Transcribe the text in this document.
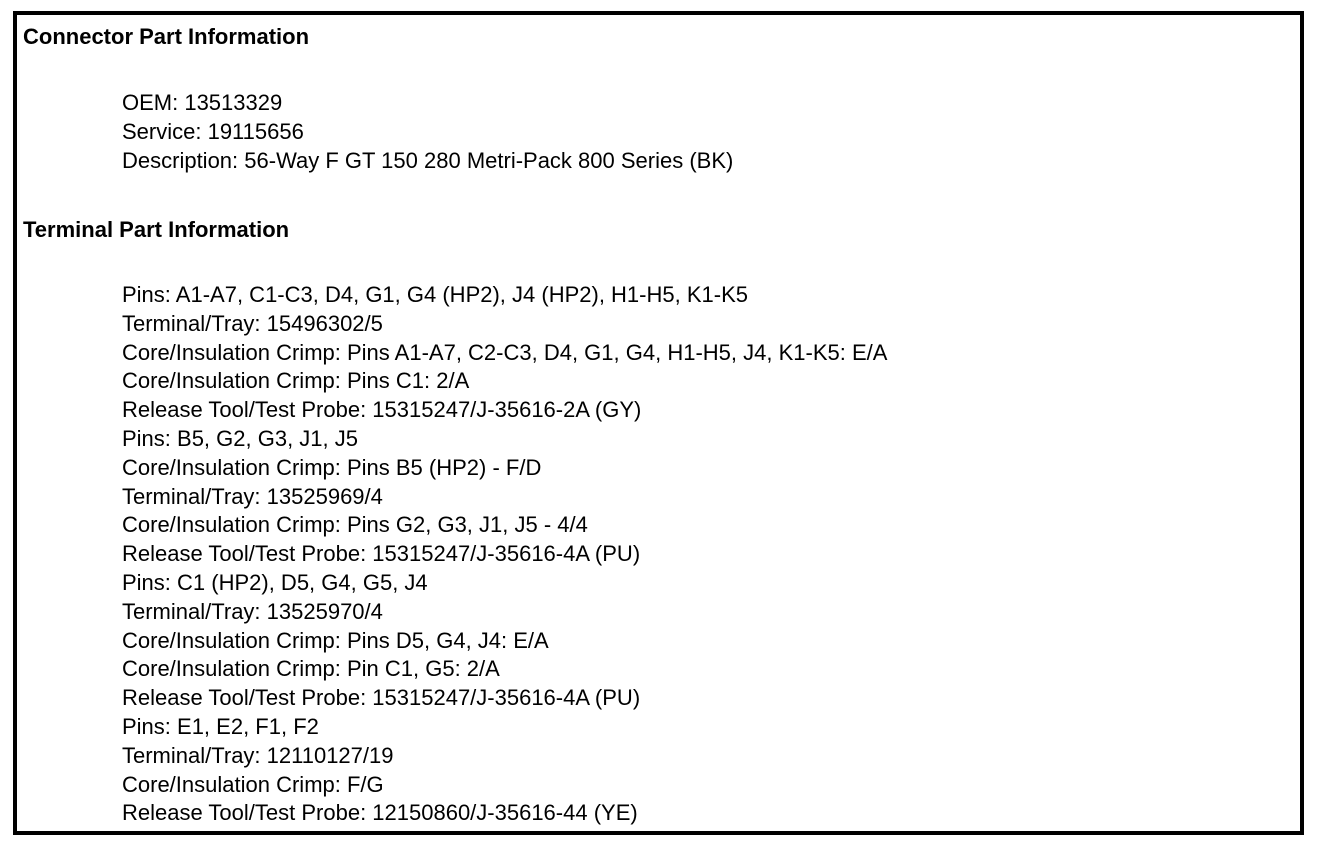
Connector Part Information
OEM: 13513329
Service: 19115656
Description: 56-Way F GT 150 280 Metri-Pack 800 Series (BK)
Terminal Part Information
Pins: A1-A7, C1-C3, D4, G1, G4 (HP2), J4 (HP2), H1-H5, K1-K5
Terminal/Tray: 15496302/5
Core/Insulation Crimp: Pins A1-A7, C2-C3, D4, G1, G4, H1-H5, J4, K1-K5: E/A
Core/Insulation Crimp: Pins C1: 2/A
Release Tool/Test Probe: 15315247/J-35616-2A (GY)
Pins: B5, G2, G3, J1, J5
Core/Insulation Crimp: Pins B5 (HP2) - F/D
Terminal/Tray: 13525969/4
Core/Insulation Crimp: Pins G2, G3, J1, J5 - 4/4
Release Tool/Test Probe: 15315247/J-35616-4A (PU)
Pins: C1 (HP2), D5, G4, G5, J4
Terminal/Tray: 13525970/4
Core/Insulation Crimp: Pins D5, G4, J4: E/A
Core/Insulation Crimp: Pin C1, G5: 2/A
Release Tool/Test Probe: 15315247/J-35616-4A (PU)
Pins: E1, E2, F1, F2
Terminal/Tray: 12110127/19
Core/Insulation Crimp: F/G
Release Tool/Test Probe: 12150860/J-35616-44 (YE)
